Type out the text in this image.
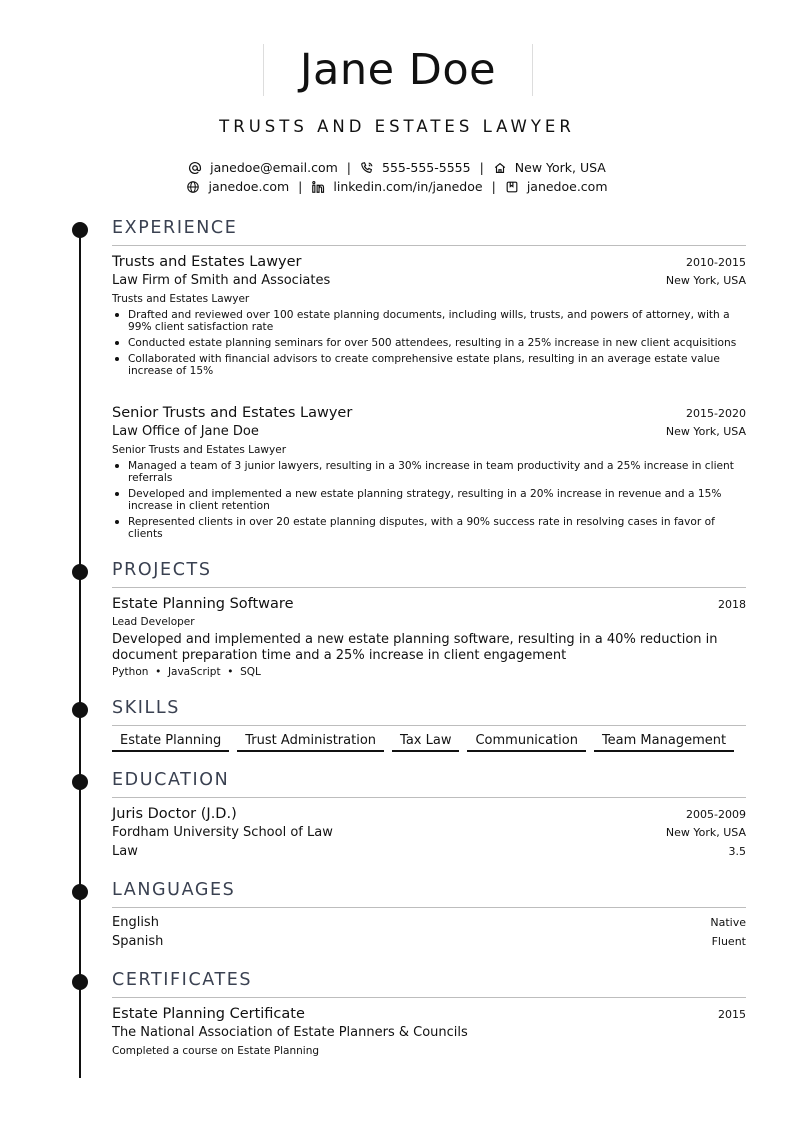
Jane Doe
TRUSTS AND ESTATES LAWYER
janedoe@email.com | 555-555-5555 | New York, USA
janedoe.com | linkedin.com/in/janedoe | janedoe.com
EXPERIENCE
Trusts and Estates Lawyer	2010-2015
Law Firm of Smith and Associates	New York, USA
Trusts and Estates Lawyer
Drafted and reviewed over 100 estate planning documents, including wills, trusts, and powers of attorney, with a 99% client satisfaction rate
Conducted estate planning seminars for over 500 attendees, resulting in a 25% increase in new client acquisitions
Collaborated with financial advisors to create comprehensive estate plans, resulting in an average estate value increase of 15%
Senior Trusts and Estates Lawyer	2015-2020
Law Office of Jane Doe	New York, USA
Senior Trusts and Estates Lawyer
Managed a team of 3 junior lawyers, resulting in a 30% increase in team productivity and a 25% increase in client referrals
Developed and implemented a new estate planning strategy, resulting in a 20% increase in revenue and a 15% increase in client retention
Represented clients in over 20 estate planning disputes, with a 90% success rate in resolving cases in favor of clients
PROJECTS
Estate Planning Software	2018
Lead Developer
Developed and implemented a new estate planning software, resulting in a 40% reduction in document preparation time and a 25% increase in client engagement
Python  •  JavaScript  •  SQL
SKILLS
Estate Planning	Trust Administration	Tax Law	Communication	Team Management
EDUCATION
Juris Doctor (J.D.)	2005-2009
Fordham University School of Law	New York, USA
Law	3.5
LANGUAGES
English	Native
Spanish	Fluent
CERTIFICATES
Estate Planning Certificate	2015
The National Association of Estate Planners & Councils
Completed a course on Estate Planning
